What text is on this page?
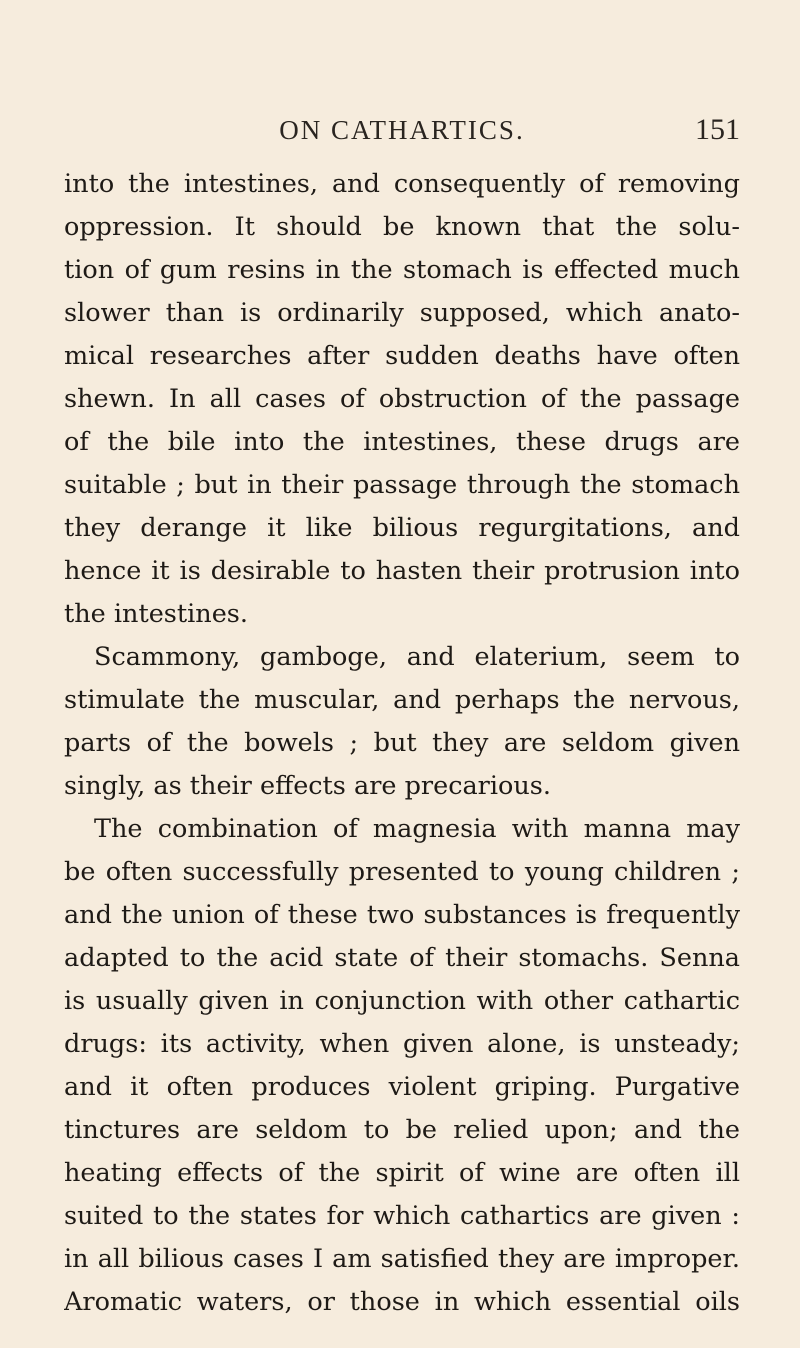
ON CATHARTICS.	151
into the intestines, and consequently of removing
oppression. It should be known that the solu-
tion of gum resins in the stomach is effected much
slower than is ordinarily supposed, which anato-
mical researches after sudden deaths have often
shewn. In all cases of obstruction of the passage
of the bile into the intestines, these drugs are
suitable ; but in their passage through the stomach
they derange it like bilious regurgitations, and
hence it is desirable to hasten their protrusion into
the intestines.
Scammony, gamboge, and elaterium, seem to
stimulate the muscular, and perhaps the nervous,
parts of the bowels ; but they are seldom given
singly, as their effects are precarious.
The combination of magnesia with manna may
be often successfully presented to young children ;
and the union of these two substances is frequently
adapted to the acid state of their stomachs. Senna
is usually given in conjunction with other cathartic
drugs: its activity, when given alone, is unsteady;
and it often produces violent griping. Purgative
tinctures are seldom to be relied upon; and the
heating effects of the spirit of wine are often ill
suited to the states for which cathartics are given :
in all bilious cases I am satisfied they are improper.
Aromatic waters, or those in which essential oils
